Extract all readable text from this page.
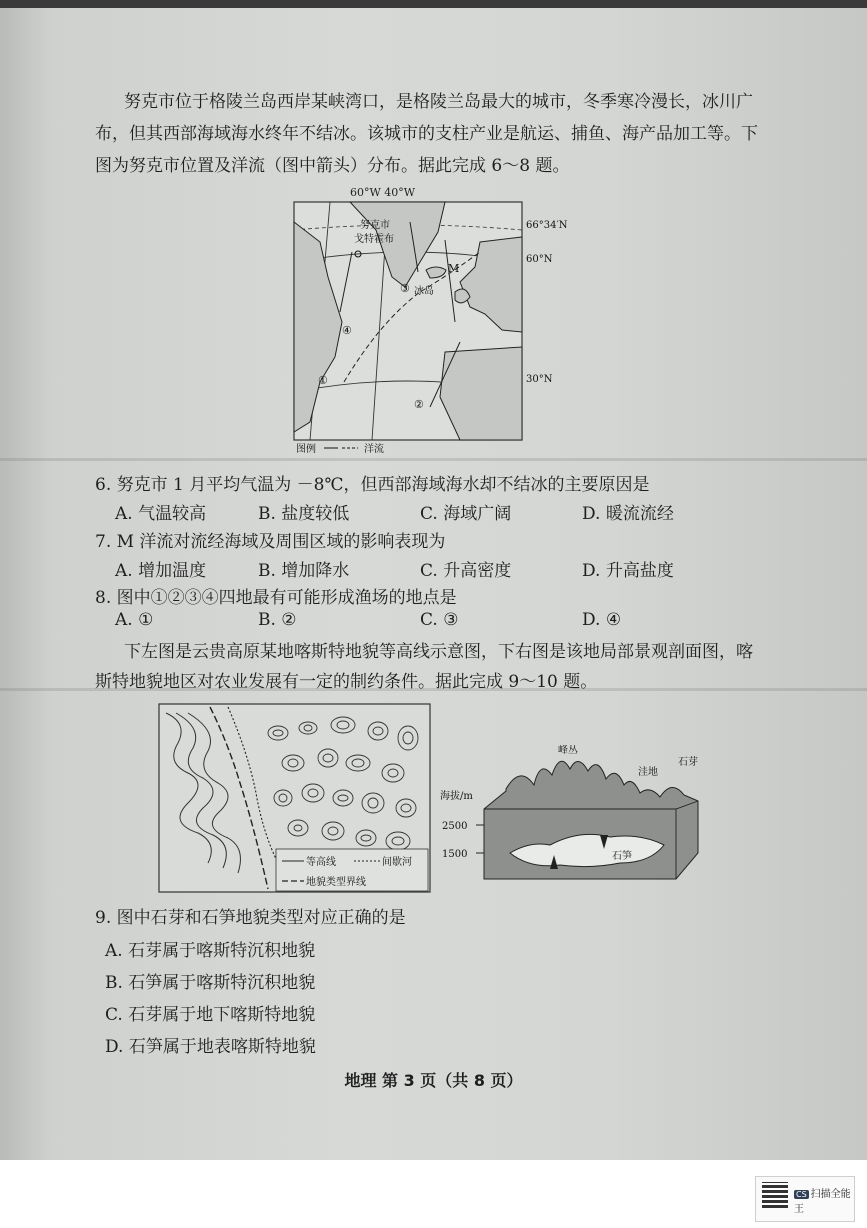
努克市位于格陵兰岛西岸某峡湾口，是格陵兰岛最大的城市，冬季寒冷漫长，冰川广
布，但其西部海域海水终年不结冰。该城市的支柱产业是航运、捕鱼、海产品加工等。下
图为努克市位置及洋流（图中箭头）分布。据此完成 6～8 题。
60°W 40°W
努克市
戈特霍布
66°34′N
60°N
30°N
M
③ 冰岛
④
①
②
图例	洋流
6. 努克市 1 月平均气温为 －8℃，但西部海域海水却不结冰的主要原因是
A. 气温较高	B. 盐度较低	C. 海域广阔	D. 暖流流经
7. M 洋流对流经海域及周围区域的影响表现为
A. 增加温度	B. 增加降水	C. 升高密度	D. 升高盐度
8. 图中①②③④四地最有可能形成渔场的地点是
A. ①	B. ②	C. ③	D. ④
下左图是云贵高原某地喀斯特地貌等高线示意图，下右图是该地局部景观剖面图，喀
斯特地貌地区对农业发展有一定的制约条件。据此完成 9～10 题。
等高线	间歇河
地貌类型界线
峰丛
洼地
石芽
海拔/m
2500
1500	石笋
9. 图中石芽和石笋地貌类型对应正确的是
A. 石芽属于喀斯特沉积地貌
B. 石笋属于喀斯特沉积地貌
C. 石芽属于地下喀斯特地貌
D. 石笋属于地表喀斯特地貌
地理 第 3 页（共 8 页）
CS 扫描全能王
